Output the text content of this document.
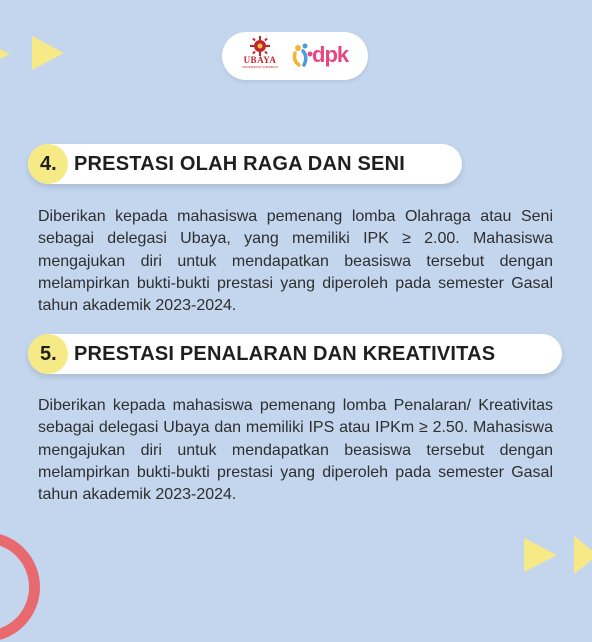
UBAYA
UNIVERSITAS SURABAYA dpk
4. PRESTASI OLAH RAGA DAN SENI

Diberikan kepada mahasiswa pemenang lomba Olahraga atau Seni sebagai delegasi Ubaya, yang memiliki IPK ≥ 2.00. Mahasiswa mengajukan diri untuk mendapatkan beasiswa tersebut dengan melampirkan bukti-bukti prestasi yang diperoleh pada semester Gasal tahun akademik 2023-2024.

5. PRESTASI PENALARAN DAN KREATIVITAS

Diberikan kepada mahasiswa pemenang lomba Penalaran/ Kreativitas sebagai delegasi Ubaya dan memiliki IPS atau IPKm ≥ 2.50. Mahasiswa mengajukan diri untuk mendapatkan beasiswa tersebut dengan melampirkan bukti-bukti prestasi yang diperoleh pada semester Gasal tahun akademik 2023-2024.
